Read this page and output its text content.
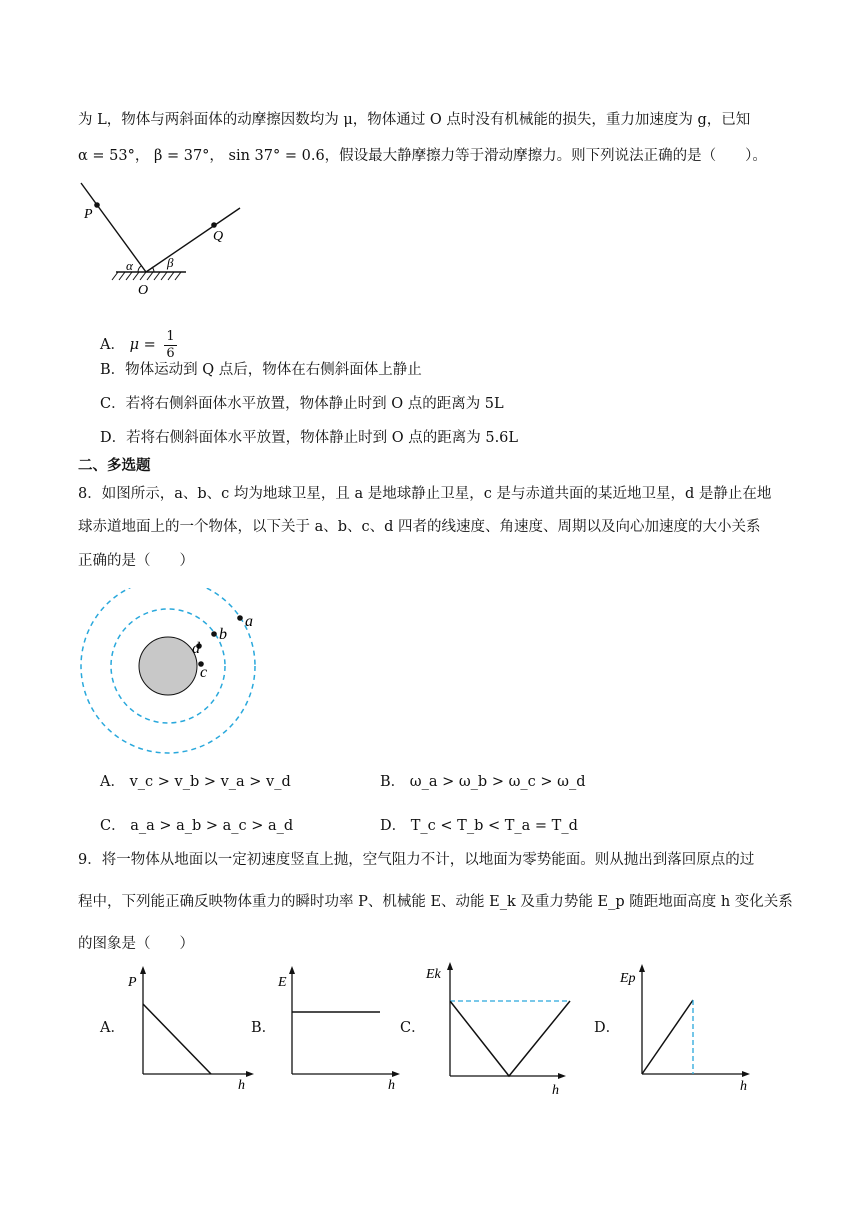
为 L，物体与两斜面体的动摩擦因数均为 μ，物体通过 O 点时没有机械能的损失，重力加速度为 g，已知
α = 53°， β = 37°， sin 37° = 0.6，假设最大静摩擦力等于滑动摩擦力。则下列说法正确的是（　　）。
P
Q
O
α	β
A． $\mu = \frac{1}{6}$
B．物体运动到 Q 点后，物体在右侧斜面体上静止
C．若将右侧斜面体水平放置，物体静止时到 O 点的距离为 5L
D．若将右侧斜面体水平放置，物体静止时到 O 点的距离为 5.6L
二、多选题
8．如图所示，a、b、c 均为地球卫星，且 a 是地球静止卫星，c 是与赤道共面的某近地卫星，d 是静止在地
球赤道地面上的一个物体，以下关于 a、b、c、d 四者的线速度、角速度、周期以及向心加速度的大小关系
正确的是（　　）
a
b
d
c
A． v_c > v_b > v_a > v_d	B． ω_a > ω_b > ω_c > ω_d
C． a_a > a_b > a_c > a_d	D． T_c < T_b < T_a = T_d
9．将一物体从地面以一定初速度竖直上抛，空气阻力不计，以地面为零势能面。则从抛出到落回原点的过
程中，下列能正确反映物体重力的瞬时功率 P、机械能 E、动能 E_k 及重力势能 E_p 随距地面高度 h 变化关系
的图象是（　　）
A．
P
h
B．
E
h
C．
Ek
h
D．
Ep
h
